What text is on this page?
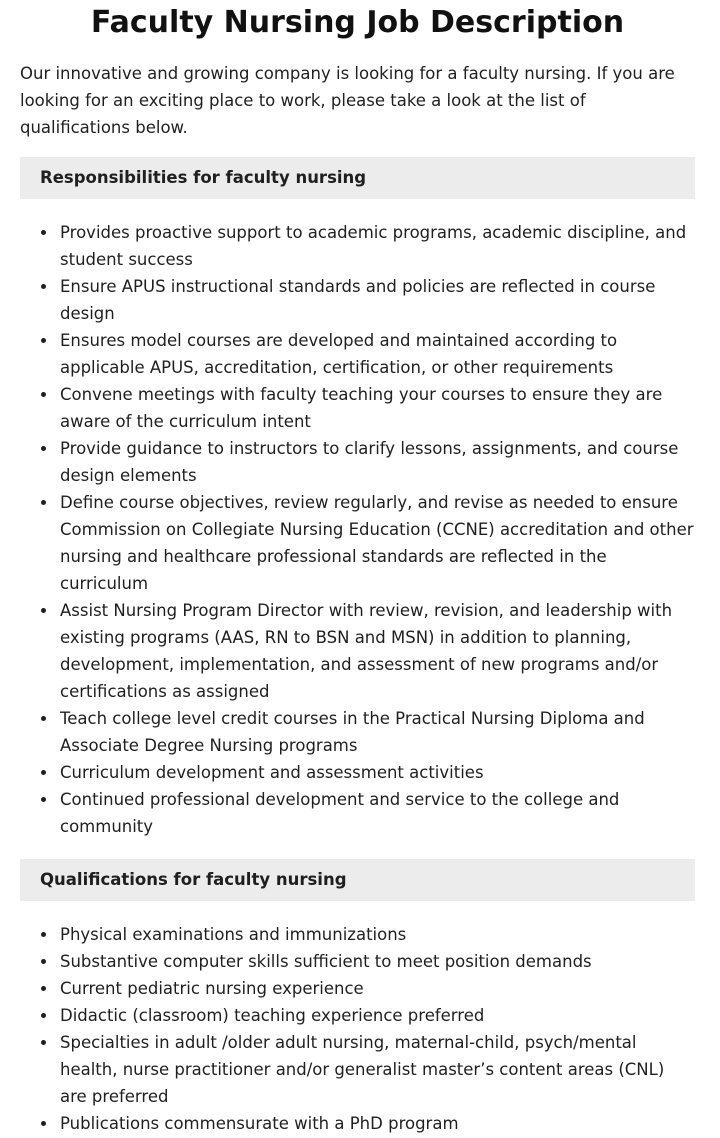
Faculty Nursing Job Description

Our innovative and growing company is looking for a faculty nursing. If you are looking for an exciting place to work, please take a look at the list of qualifications below.

Responsibilities for faculty nursing
Provides proactive support to academic programs, academic discipline, and student success
Ensure APUS instructional standards and policies are reflected in course design
Ensures model courses are developed and maintained according to applicable APUS, accreditation, certification, or other requirements
Convene meetings with faculty teaching your courses to ensure they are aware of the curriculum intent
Provide guidance to instructors to clarify lessons, assignments, and course design elements
Define course objectives, review regularly, and revise as needed to ensure Commission on Collegiate Nursing Education (CCNE) accreditation and other nursing and healthcare professional standards are reflected in the curriculum
Assist Nursing Program Director with review, revision, and leadership with existing programs (AAS, RN to BSN and MSN) in addition to planning, development, implementation, and assessment of new programs and/or certifications as assigned
Teach college level credit courses in the Practical Nursing Diploma and Associate Degree Nursing programs
Curriculum development and assessment activities
Continued professional development and service to the college and community
Qualifications for faculty nursing
Physical examinations and immunizations
Substantive computer skills sufficient to meet position demands
Current pediatric nursing experience
Didactic (classroom) teaching experience preferred
Specialties in adult /older adult nursing, maternal-child, psych/mental health, nurse practitioner and/or generalist master’s content areas (CNL) are preferred
Publications commensurate with a PhD program
